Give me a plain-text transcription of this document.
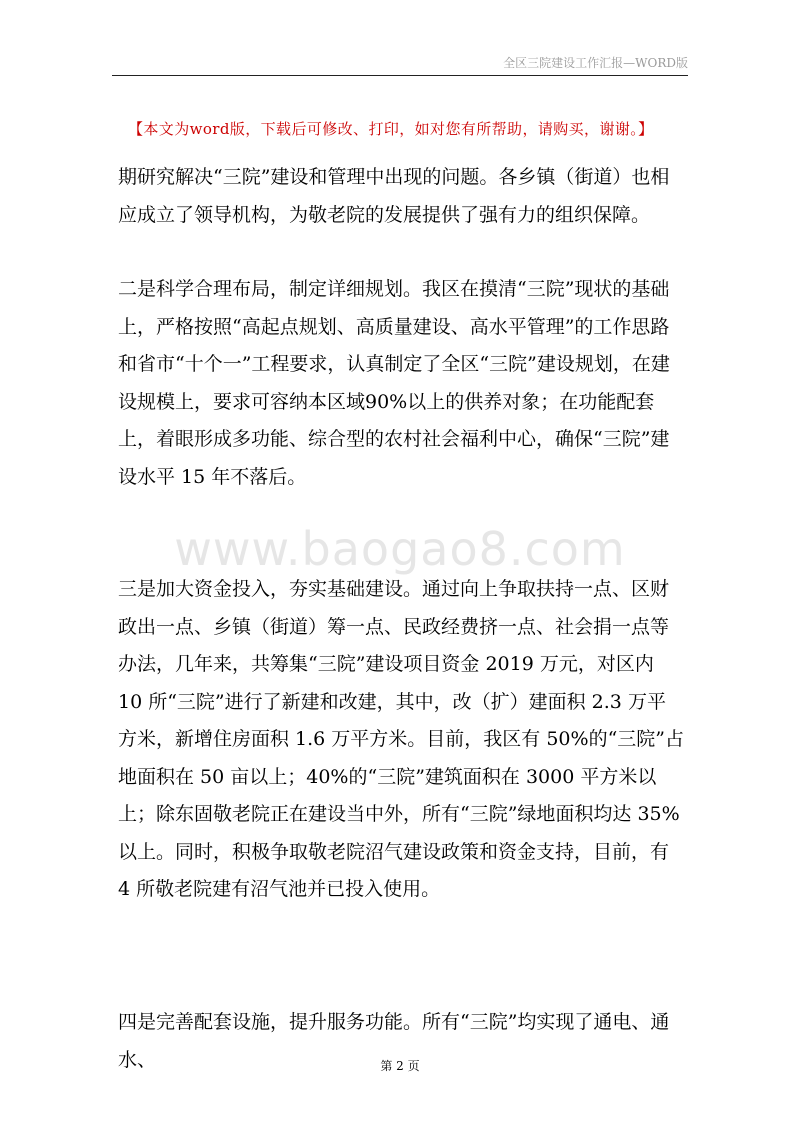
全区三院建设工作汇报—WORD版
【本文为word版，下载后可修改、打印，如对您有所帮助，请购买，谢谢。】
www.baogao8.com

期研究解决“三院”建设和管理中出现的问题。各乡镇（街道）也相应成立了领导机构，为敬老院的发展提供了强有力的组织保障。

二是科学合理布局，制定详细规划。我区在摸清“三院”现状的基础上，严格按照“高起点规划、高质量建设、高水平管理”的工作思路和省市“十个一”工程要求，认真制定了全区“三院”建设规划，在建设规模上，要求可容纳本区域90%以上的供养对象；在功能配套上，着眼形成多功能、综合型的农村社会福利中心，确保“三院”建设水平 15 年不落后。

三是加大资金投入，夯实基础建设。通过向上争取扶持一点、区财政出一点、乡镇（街道）筹一点、民政经费挤一点、社会捐一点等办法，几年来，共筹集“三院”建设项目资金 2019 万元，对区内 10 所“三院”进行了新建和改建，其中，改（扩）建面积 2.3 万平方米，新增住房面积 1.6 万平方米。目前，我区有 50%的“三院”占地面积在 50 亩以上；40%的“三院”建筑面积在 3000 平方米以上；除东固敬老院正在建设当中外，所有“三院”绿地面积均达 35%以上。同时，积极争取敬老院沼气建设政策和资金支持，目前，有 4 所敬老院建有沼气池并已投入使用。

四是完善配套设施，提升服务功能。所有“三院”均实现了通电、通水、	第 2 页
